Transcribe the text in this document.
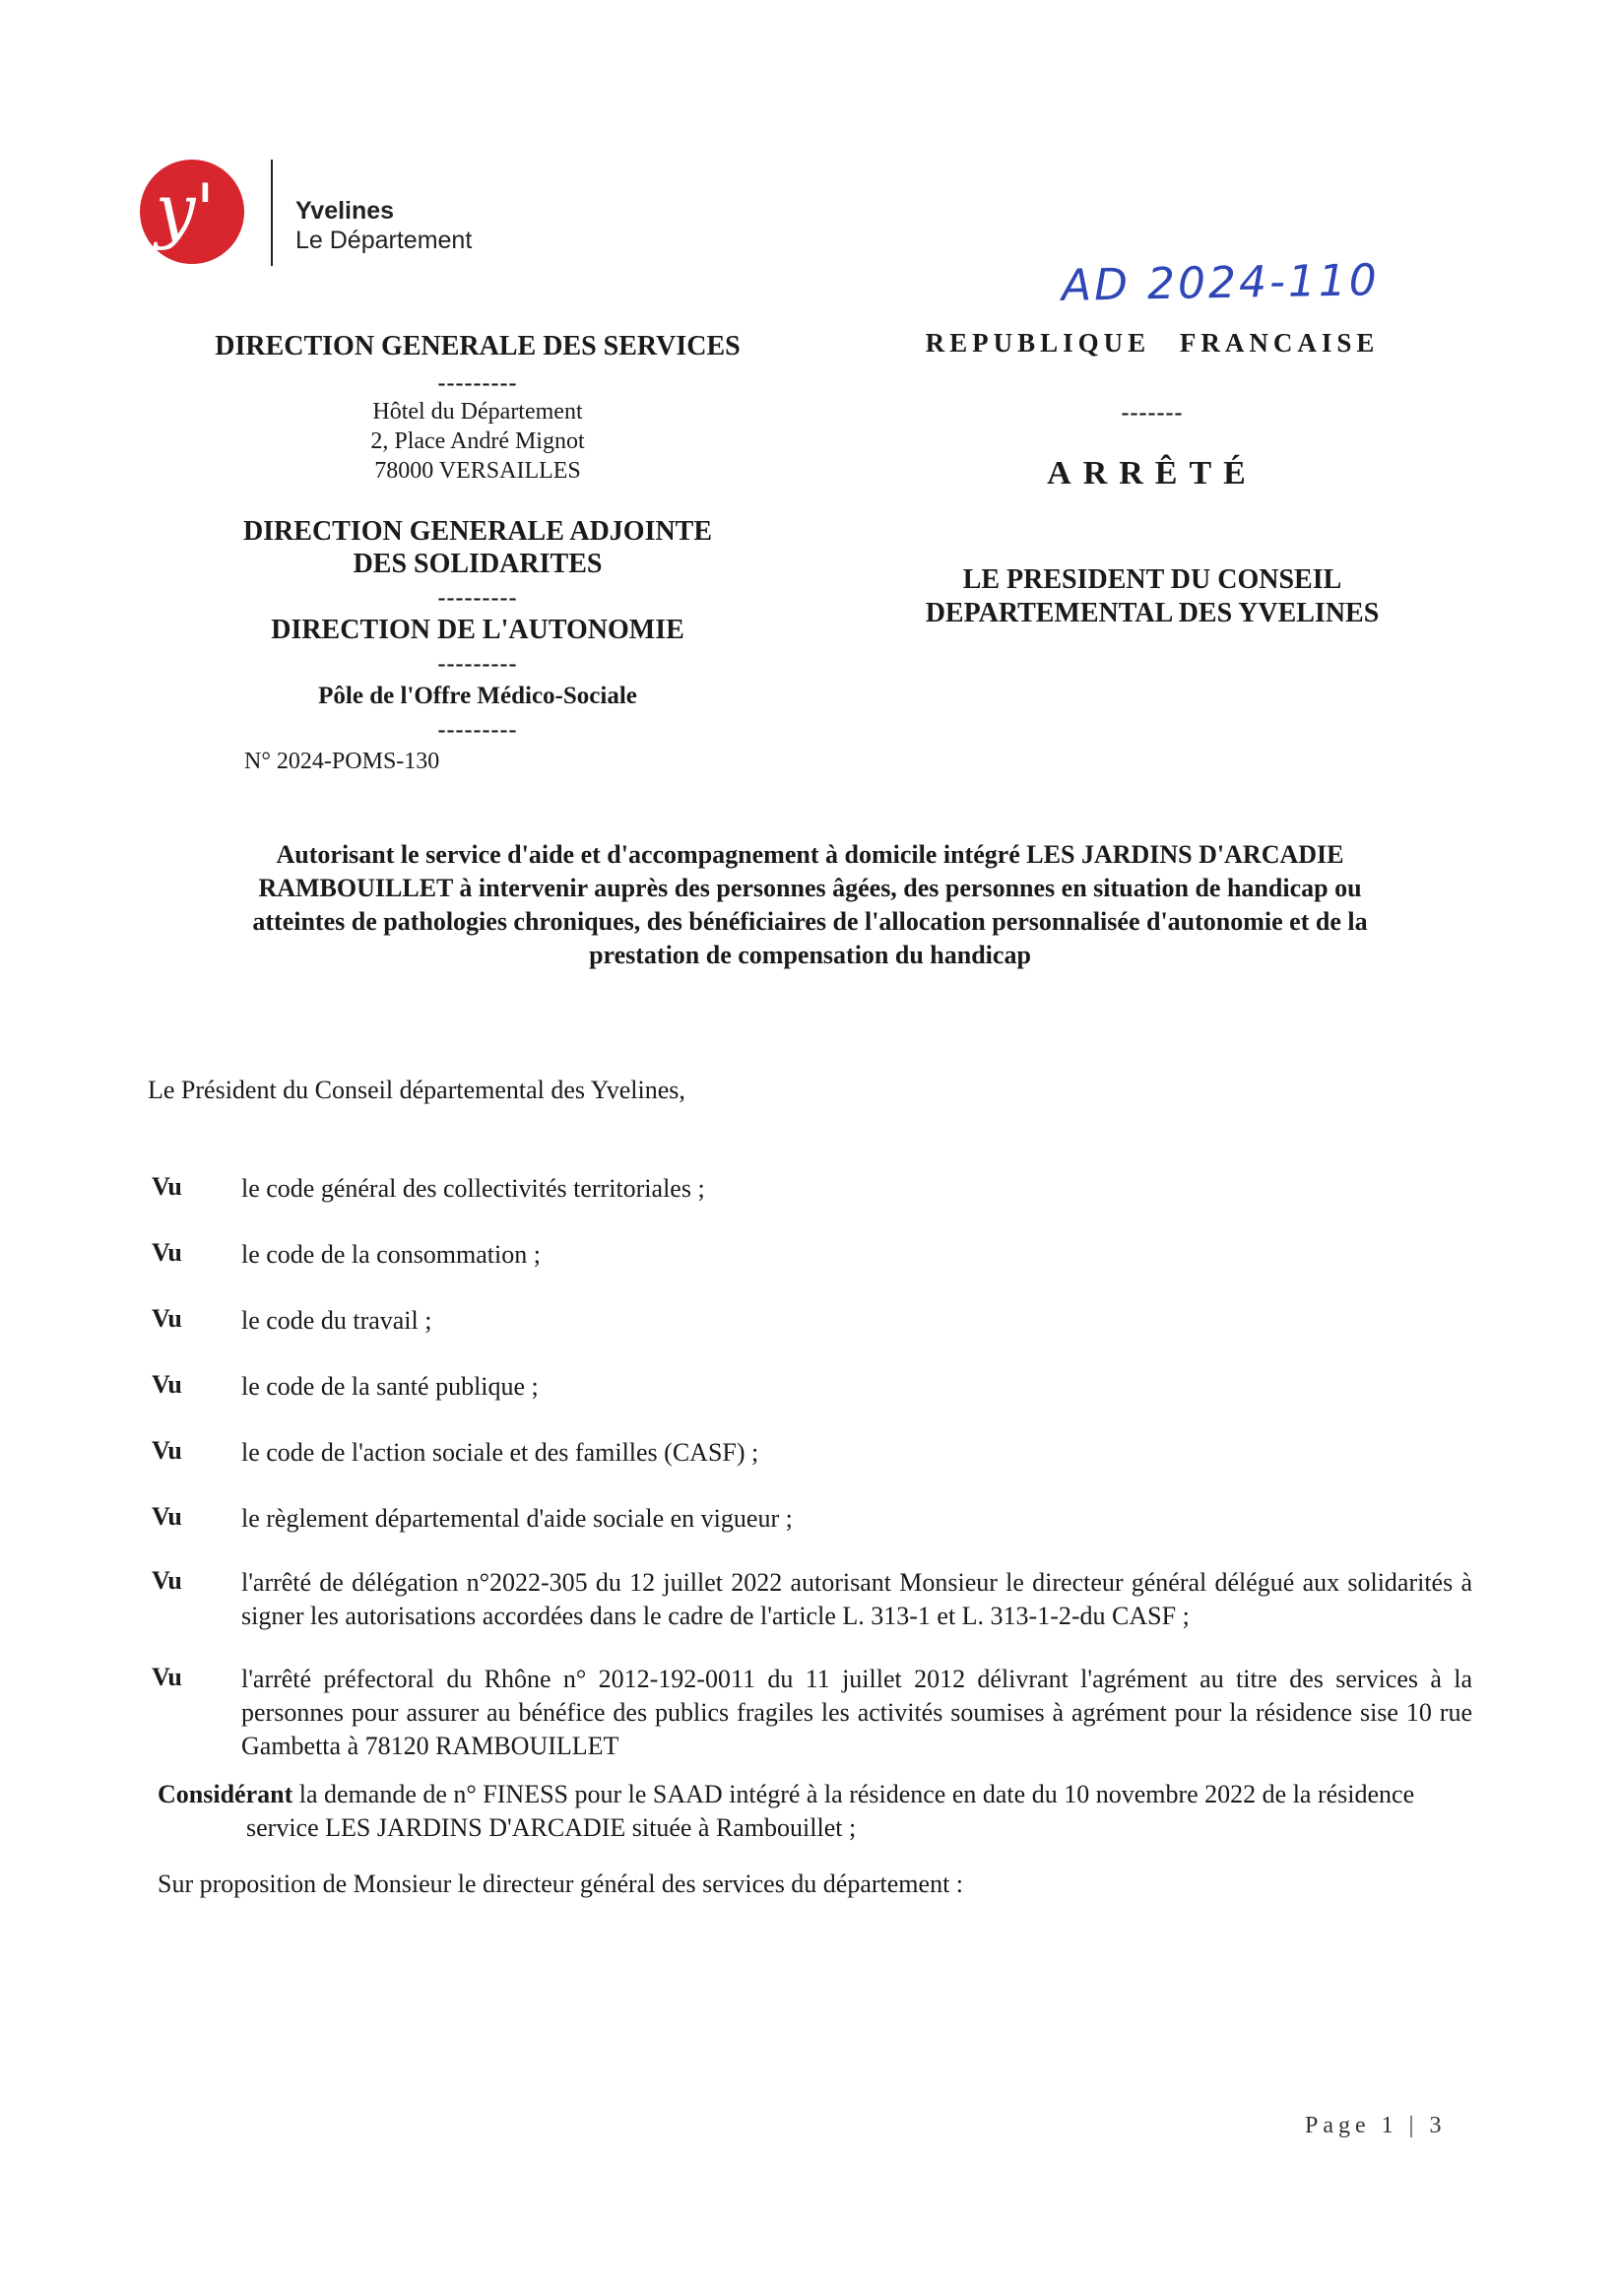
y'	Yvelines
Le Département
AD 2024-110
DIRECTION GENERALE DES SERVICES
---------
Hôtel du Département
2, Place André Mignot
78000 VERSAILLES
DIRECTION GENERALE ADJOINTE
DES SOLIDARITES
---------
DIRECTION DE L'AUTONOMIE
---------
Pôle de l'Offre Médico-Sociale
---------
N° 2024-POMS-130
REPUBLIQUE FRANCAISE
-------
ARRÊTÉ
LE PRESIDENT DU CONSEIL
DEPARTEMENTAL DES YVELINES
Autorisant le service d'aide et d'accompagnement à domicile intégré LES JARDINS D'ARCADIE
RAMBOUILLET à intervenir auprès des personnes âgées, des personnes en situation de handicap ou
atteintes de pathologies chroniques, des bénéficiaires de l'allocation personnalisée d'autonomie et de la
prestation de compensation du handicap
Le Président du Conseil départemental des Yvelines,
Vu le code général des collectivités territoriales ;
Vu le code de la consommation ;
Vu le code du travail ;
Vu le code de la santé publique ;
Vu le code de l'action sociale et des familles (CASF) ;
Vu le règlement départemental d'aide sociale en vigueur ;
Vu l'arrêté de délégation n°2022-305 du 12 juillet 2022 autorisant Monsieur le directeur général délégué aux solidarités à signer les autorisations accordées dans le cadre de l'article L. 313-1 et L. 313-1-2-du CASF ;
Vu l'arrêté préfectoral du Rhône n° 2012-192-0011 du 11 juillet 2012 délivrant l'agrément au titre des services à la personnes pour assurer au bénéfice des publics fragiles les activités soumises à agrément pour la résidence sise 10 rue Gambetta à 78120 RAMBOUILLET
Considérant la demande de n° FINESS pour le SAAD intégré à la résidence en date du 10 novembre 2022 de la résidence
service LES JARDINS D'ARCADIE située à Rambouillet ;
Sur proposition de Monsieur le directeur général des services du département :
Page 1 | 3
